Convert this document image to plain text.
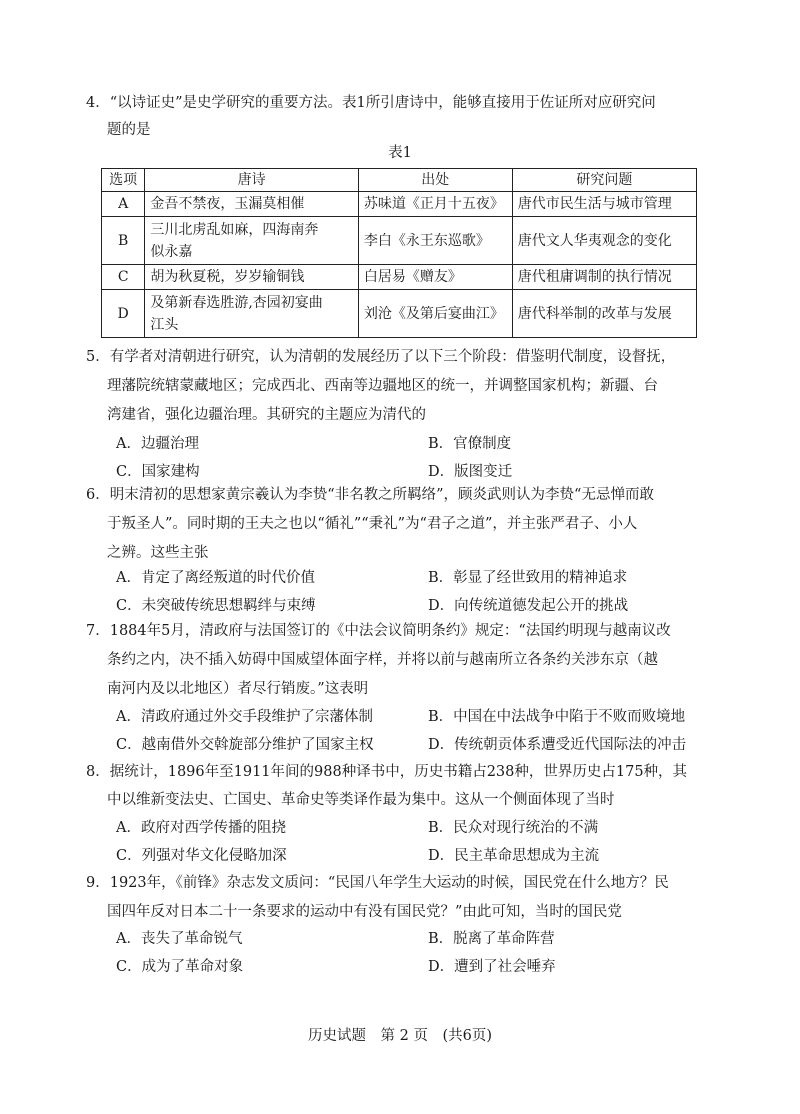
4．“以诗证史”是史学研究的重要方法。表1所引唐诗中，能够直接用于佐证所对应研究问
题的是
表1
选项	唐诗	出处	研究问题
A	金吾不禁夜，玉漏莫相催	苏味道《正月十五夜》	唐代市民生活与城市管理
B	三川北虏乱如麻，四海南奔
似永嘉	李白《永王东巡歌》	唐代文人华夷观念的变化
C	胡为秋夏税，岁岁输铜钱	白居易《赠友》	唐代租庸调制的执行情况
D	及第新春选胜游,杏园初宴曲
江头	刘沧《及第后宴曲江》	唐代科举制的改革与发展
5．有学者对清朝进行研究，认为清朝的发展经历了以下三个阶段：借鉴明代制度，设督抚，
理藩院统辖蒙藏地区；完成西北、西南等边疆地区的统一，并调整国家机构；新疆、台
湾建省，强化边疆治理。其研究的主题应为清代的
A．边疆治理	B．官僚制度
C．国家建构	D．版图变迁
6．明末清初的思想家黄宗羲认为李贽“非名教之所羁络”，顾炎武则认为李贽“无忌惮而敢
于叛圣人”。同时期的王夫之也以“循礼”“秉礼”为“君子之道”，并主张严君子、小人
之辨。这些主张
A．肯定了离经叛道的时代价值	B．彰显了经世致用的精神追求
C．未突破传统思想羁绊与束缚	D．向传统道德发起公开的挑战
7．1884年5月，清政府与法国签订的《中法会议简明条约》规定：“法国约明现与越南议改
条约之内，决不插入妨碍中国威望体面字样，并将以前与越南所立各条约关涉东京（越
南河内及以北地区）者尽行销废。”这表明
A．清政府通过外交手段维护了宗藩体制	B．中国在中法战争中陷于不败而败境地
C．越南借外交斡旋部分维护了国家主权	D．传统朝贡体系遭受近代国际法的冲击
8．据统计，1896年至1911年间的988种译书中，历史书籍占238种，世界历史占175种，其
中以维新变法史、亡国史、革命史等类译作最为集中。这从一个侧面体现了当时
A．政府对西学传播的阻挠	B．民众对现行统治的不满
C．列强对华文化侵略加深	D．民主革命思想成为主流
9．1923年，《前锋》杂志发文质问：“民国八年学生大运动的时候，国民党在什么地方？民
国四年反对日本二十一条要求的运动中有没有国民党？”由此可知，当时的国民党
A．丧失了革命锐气	B．脱离了革命阵营
C．成为了革命对象	D．遭到了社会唾弃
历史试题　第 2 页　(共6页)
